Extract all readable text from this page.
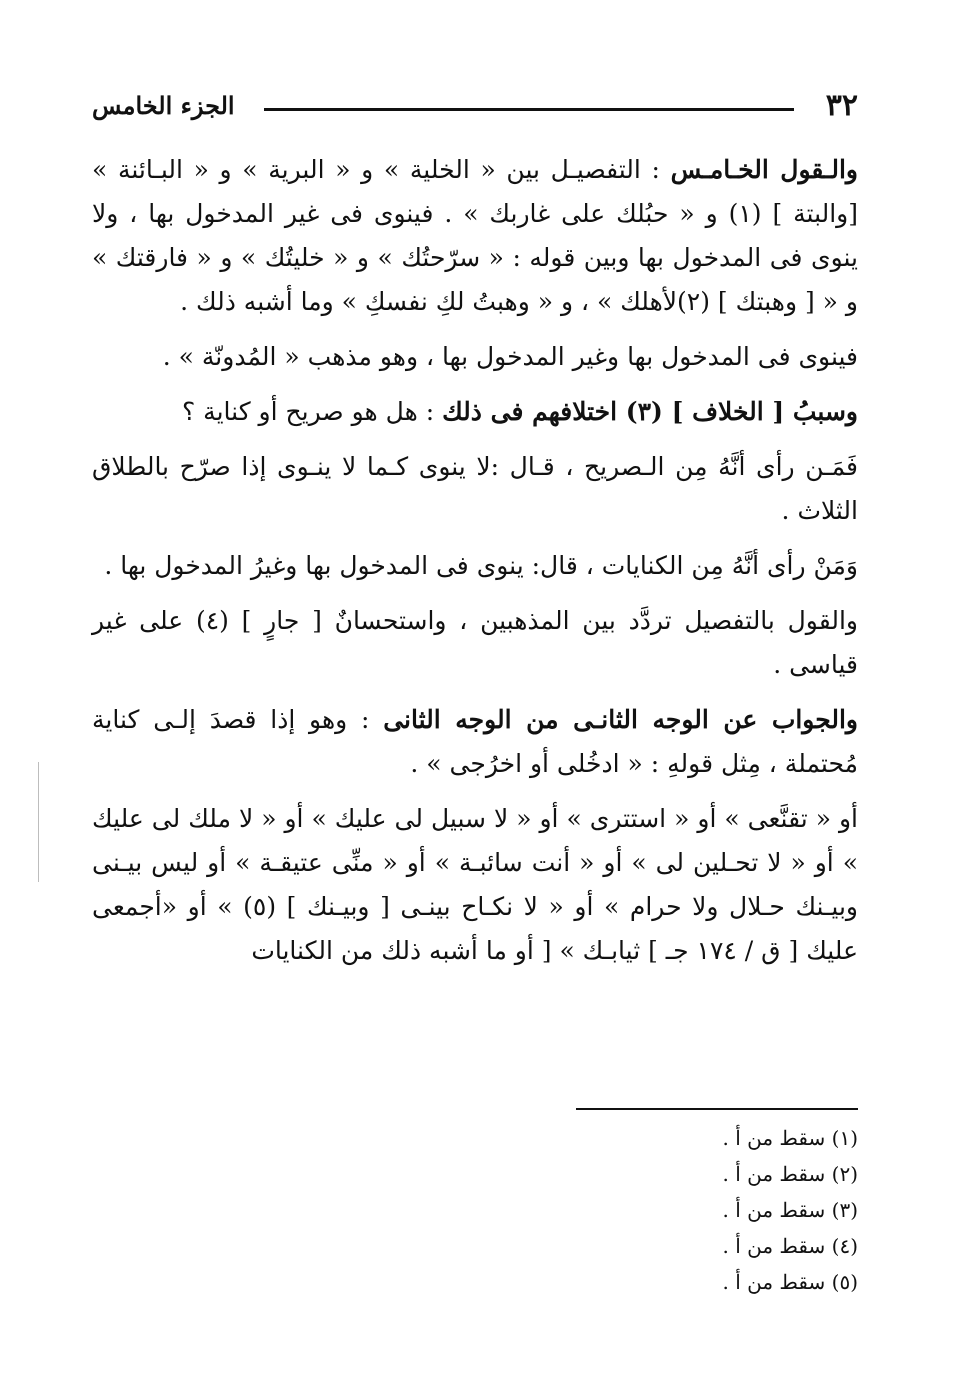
٣٢
الجزء الخامس

والـقول الخـامـس : التفصيـل بين « الخلية » و « البرية » و « البـائنة » [والبتة ] (١) و « حبُلك على غاربك » . فينوى فى غير المدخول بها ، ولا ينوى فى المدخول بها وبين قوله : « سرّحتُك » و « خليتُك » و « فارقتك » و « [ وهبتك ] (٢)لأهلك » ، و « وهبتُ لكِ نفسكِ » وما أشبه ذلك .

فينوى فى المدخول بها وغير المدخول بها ، وهو مذهب « المُدونّة » .

وسببُ [ الخلاف ] (٣) اختلافهم فى ذلك : هل هو صريح أو كناية ؟

فَمَـن رأى أنَّهُ مِن الـصريح ، قـال :لا ينوى كـما لا ينـوى إذا صرّح بالطلاق الثلاث .

وَمَنْ رأى أنَّهُ مِن الكنايات ، قال: ينوى فى المدخول بها وغيرُ المدخول بها .

والقول بالتفصيل تردَّد بين المذهبين ، واستحسانٌ [ جارٍ ] (٤) على غير قياسى .

والجواب عن الوجه الثانـى من الوجه الثانى : وهو إذا قصدَ إلـى كناية مُحتملة ، مِثل قولهِ : « ادخُلى أو اخرُجى » .

أو « تقنَّعى » أو « استترى » أو « لا سبيل لى عليك » أو « لا ملك لى عليك » أو « لا تحـلين لى » أو « أنت سائبـة » أو « منِّى عتيقـة » أو ليس بيـنى وبيـنك حـلال ولا حرام » أو « لا نكـاح بينـى [ وبيـنك ] (٥) » أو «أجمعى عليك [ ق / ١٧٤ جـ ] ثيابـك » [ أو ما أشبه ذلك من الكنايات

(١) سقط من أ .
(٢) سقط من أ .
(٣) سقط من أ .
(٤) سقط من أ .
(٥) سقط من أ .
